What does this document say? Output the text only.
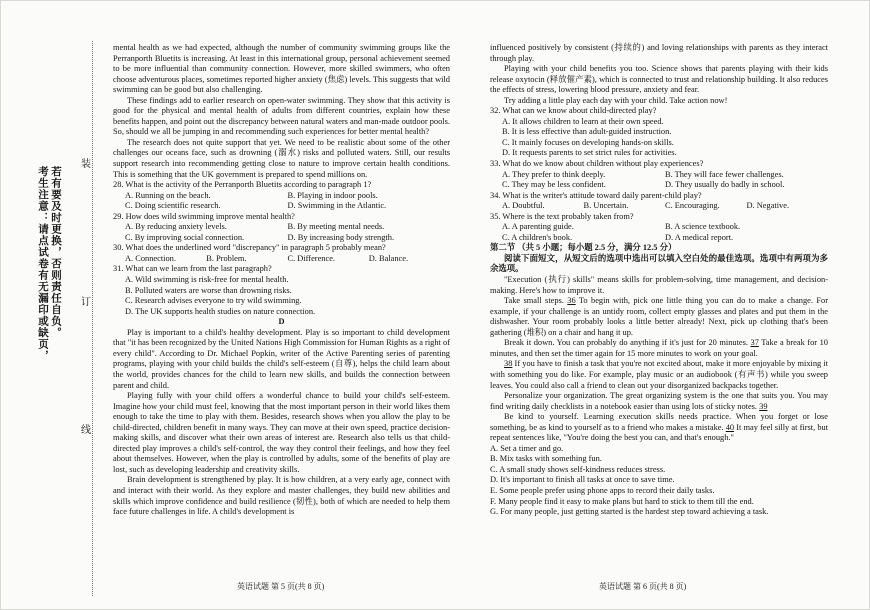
考生注意：请点试卷有无漏印或缺页， 若有要及时更换，否则责任自负。
装
订
线

mental health as we had expected, although the number of community swimming groups like the Perranporth Bluetits is increasing. At least in this international group, personal achievement seemed to be more influential than community connection. However, more skilled swimmers, who often choose adventurous places, sometimes reported higher anxiety (焦虑) levels. This suggests that wild swimming can be good but also challenging.

These findings add to earlier research on open-water swimming. They show that this activity is good for the physical and mental health of adults from different countries, explain how these benefits happen, and point out the discrepancy between natural waters and man-made outdoor pools. So, should we all be jumping in and recommending such experiences for better mental health?

The research does not quite support that yet. We need to be realistic about some of the other challenges our oceans face, such as drowning (溺水) risks and polluted waters. Still, our results support research into recommending getting close to nature to improve certain health conditions. This is something that the UK government is prepared to spend millions on.

28. What is the activity of the Perranporth Bluetits according to paragraph 1?

A. Running on the beach.	B. Playing in indoor pools.
C. Doing scientific research.	D. Swimming in the Atlantic.

29. How does wild swimming improve mental health?

A. By reducing anxiety levels.	B. By meeting mental needs.
C. By improving social connection.	D. By increasing body strength.

30. What does the underlined word "discrepancy" in paragraph 5 probably mean?

A. Connection.	B. Problem.	C. Difference.	D. Balance.

31. What can we learn from the last paragraph?

A. Wild swimming is risk-free for mental health.

B. Polluted waters are worse than drowning risks.

C. Research advises everyone to try wild swimming.

D. The UK supports health studies on nature connection.

D

Play is important to a child's healthy development. Play is so important to child development that "it has been recognized by the United Nations High Commission for Human Rights as a right of every child". According to Dr. Michael Popkin, writer of the Active Parenting series of parenting programs, playing with your child builds the child's self-esteem (自尊), helps the child learn about the world, provides chances for the child to learn new skills, and builds the connection between parent and child.

Playing fully with your child offers a wonderful chance to build your child's self-esteem. Imagine how your child must feel, knowing that the most important person in their world likes them enough to take the time to play with them. Besides, research shows when you allow the play to be child-directed, children benefit in many ways. They can move at their own speed, practice decision-making skills, and discover what their own areas of interest are. Research also tells us that child-directed play improves a child's self-control, the way they control their feelings, and how they feel about themselves. However, when the play is controlled by adults, some of the benefits of play are lost, such as developing leadership and creativity skills.

Brain development is strengthened by play. It is how children, at a very early age, connect with and interact with their world. As they explore and master challenges, they build new abilities and skills which improve confidence and build resilience (韧性), both of which are needed to help them face future challenges in life. A child's development is

influenced positively by consistent (持续的) and loving relationships with parents as they interact through play.

Playing with your child benefits you too. Science shows that parents playing with their kids release oxytocin (释放催产素), which is connected to trust and relationship building. It also reduces the effects of stress, lowering blood pressure, anxiety and fear.

Try adding a little play each day with your child. Take action now!

32. What can we know about child-directed play?

A. It allows children to learn at their own speed.

B. It is less effective than adult-guided instruction.

C. It mainly focuses on developing hands-on skills.

D. It requests parents to set strict rules for activities.

33. What do we know about children without play experiences?

A. They prefer to think deeply.	B. They will face fewer challenges.
C. They may be less confident.	D. They usually do badly in school.

34. What is the writer's attitude toward daily parent-child play?

A. Doubtful.	B. Uncertain.	C. Encouraging.	D. Negative.

35. Where is the text probably taken from?

A. A parenting guide.	B. A science textbook.
C. A children's book.	D. A medical report.

第二节 （共 5 小题；每小题 2.5 分，满分 12.5 分）

阅读下面短文，从短文后的选项中选出可以填入空白处的最佳选项。选项中有两项为多余选项。

"Execution (执行) skills" means skills for problem-solving, time management, and decision-making. Here's how to improve it.

Take small steps. 36 To begin with, pick one little thing you can do to make a change. For example, if your challenge is an untidy room, collect empty glasses and plates and put them in the dishwasher. Your room probably looks a little better already! Next, pick up clothing that's been gathering (堆积) on a chair and hang it up.

Break it down. You can probably do anything if it's just for 20 minutes. 37 Take a break for 10 minutes, and then set the timer again for 15 more minutes to work on your goal.

38 If you have to finish a task that you're not excited about, make it more enjoyable by mixing it with something you do like. For example, play music or an audiobook (有声书) while you sweep leaves. You could also call a friend to clean out your disorganized backpacks together.

Personalize your organization. The great organizing system is the one that suits you. You may find writing daily checklists in a notebook easier than using lots of sticky notes. 39

Be kind to yourself. Learning execution skills needs practice. When you forget or lose something, be as kind to yourself as to a friend who makes a mistake. 40 It may feel silly at first, but repeat sentences like, "You're doing the best you can, and that's enough."

A. Set a timer and go.

B. Mix tasks with something fun.

C. A small study shows self-kindness reduces stress.

D. It's important to finish all tasks at once to save time.

E. Some people prefer using phone apps to record their daily tasks.

F. Many people find it easy to make plans but hard to stick to them till the end.

G. For many people, just getting started is the hardest step toward achieving a task.

英语试题 第 5 页(共 8 页)	英语试题 第 6 页(共 8 页)
